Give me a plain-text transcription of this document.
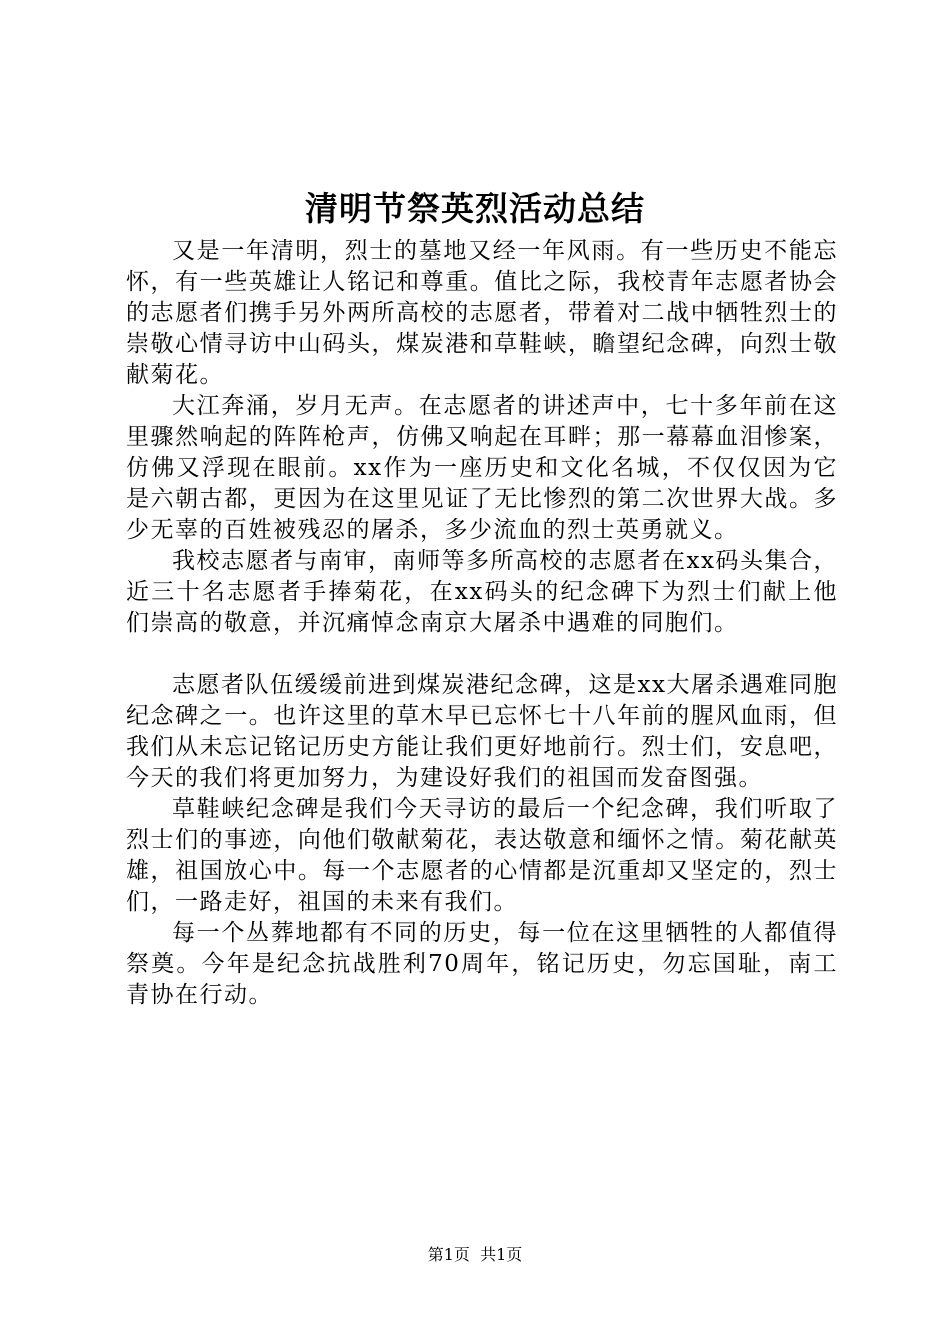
清明节祭英烈活动总结

又是一年清明，烈士的墓地又经一年风雨。有一些历史不能忘怀，有一些英雄让人铭记和尊重。值比之际，我校青年志愿者协会的志愿者们携手另外两所高校的志愿者，带着对二战中牺牲烈士的崇敬心情寻访中山码头，煤炭港和草鞋峡，瞻望纪念碑，向烈士敬献菊花。

大江奔涌，岁月无声。在志愿者的讲述声中，七十多年前在这里骤然响起的阵阵枪声，仿佛又响起在耳畔；那一幕幕血泪惨案，仿佛又浮现在眼前。xx作为一座历史和文化名城，不仅仅因为它是六朝古都，更因为在这里见证了无比惨烈的第二次世界大战。多少无辜的百姓被残忍的屠杀，多少流血的烈士英勇就义。

我校志愿者与南审，南师等多所高校的志愿者在xx码头集合，近三十名志愿者手捧菊花，在xx码头的纪念碑下为烈士们献上他们崇高的敬意，并沉痛悼念南京大屠杀中遇难的同胞们。

志愿者队伍缓缓前进到煤炭港纪念碑，这是xx大屠杀遇难同胞纪念碑之一。也许这里的草木早已忘怀七十八年前的腥风血雨，但我们从未忘记铭记历史方能让我们更好地前行。烈士们，安息吧，今天的我们将更加努力，为建设好我们的祖国而发奋图强。

草鞋峡纪念碑是我们今天寻访的最后一个纪念碑，我们听取了烈士们的事迹，向他们敬献菊花，表达敬意和缅怀之情。菊花献英雄，祖国放心中。每一个志愿者的心情都是沉重却又坚定的，烈士们，一路走好，祖国的未来有我们。

每一个丛葬地都有不同的历史，每一位在这里牺牲的人都值得祭奠。今年是纪念抗战胜利70周年，铭记历史，勿忘国耻，南工青协在行动。

第1页  共1页
